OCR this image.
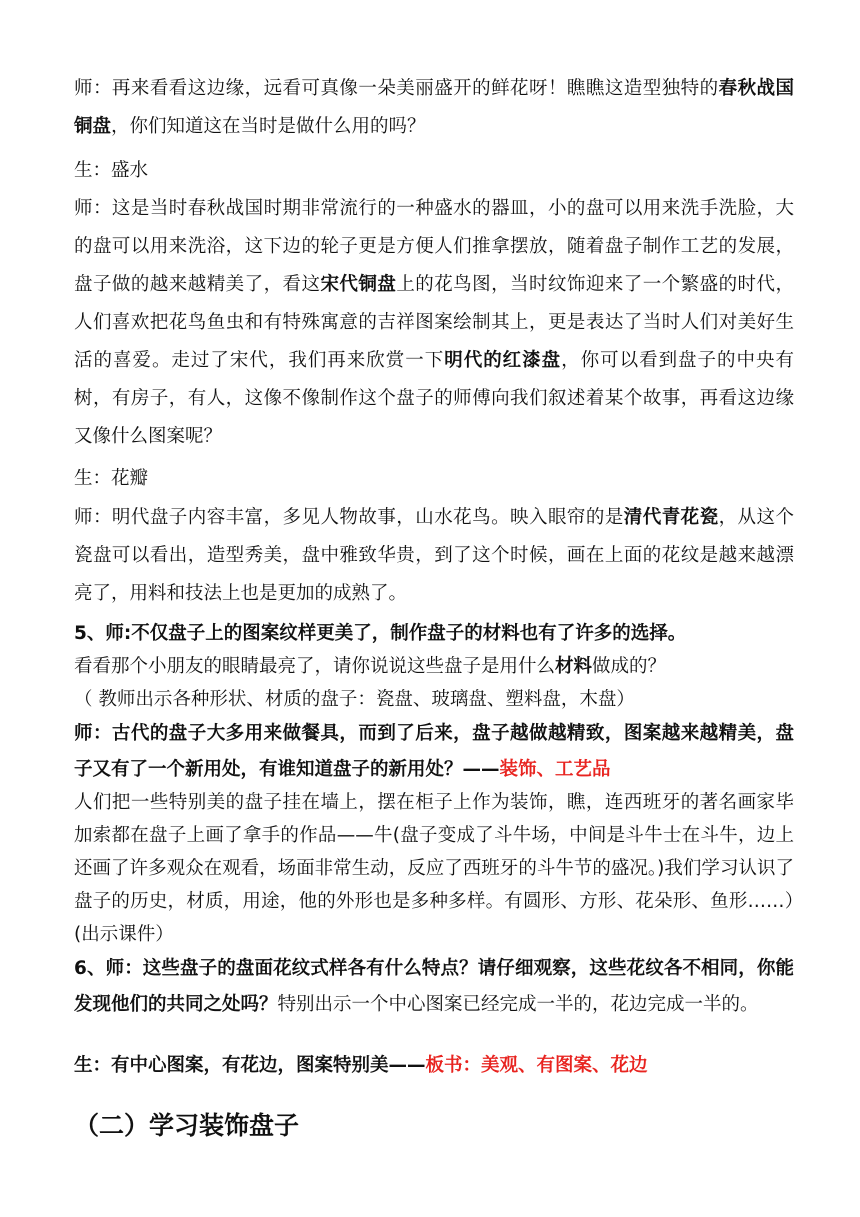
师：再来看看这边缘，远看可真像一朵美丽盛开的鲜花呀！瞧瞧这造型独特的春秋战国铜盘，你们知道这在当时是做什么用的吗？

生：盛水

师：这是当时春秋战国时期非常流行的一种盛水的器皿，小的盘可以用来洗手洗脸，大的盘可以用来洗浴，这下边的轮子更是方便人们推拿摆放，随着盘子制作工艺的发展，盘子做的越来越精美了，看这宋代铜盘上的花鸟图，当时纹饰迎来了一个繁盛的时代，人们喜欢把花鸟鱼虫和有特殊寓意的吉祥图案绘制其上，更是表达了当时人们对美好生活的喜爱。走过了宋代，我们再来欣赏一下明代的红漆盘，你可以看到盘子的中央有树，有房子，有人，这像不像制作这个盘子的师傅向我们叙述着某个故事，再看这边缘又像什么图案呢？

生：花瓣

师：明代盘子内容丰富，多见人物故事，山水花鸟。映入眼帘的是清代青花瓷，从这个瓷盘可以看出，造型秀美，盘中雅致华贵，到了这个时候，画在上面的花纹是越来越漂亮了，用料和技法上也是更加的成熟了。

5、师:不仅盘子上的图案纹样更美了，制作盘子的材料也有了许多的选择。

看看那个小朋友的眼睛最亮了，请你说说这些盘子是用什么材料做成的？

（ 教师出示各种形状、材质的盘子：瓷盘、玻璃盘、塑料盘，木盘）

师：古代的盘子大多用来做餐具，而到了后来，盘子越做越精致，图案越来越精美，盘子又有了一个新用处，有谁知道盘子的新用处？——装饰、工艺品

人们把一些特别美的盘子挂在墙上，摆在柜子上作为装饰，瞧，连西班牙的著名画家毕加索都在盘子上画了拿手的作品——牛(盘子变成了斗牛场，中间是斗牛士在斗牛，边上还画了许多观众在观看，场面非常生动，反应了西班牙的斗牛节的盛况。)我们学习认识了盘子的历史，材质，用途，他的外形也是多种多样。有圆形、方形、花朵形、鱼形……）(出示课件）

6、师：这些盘子的盘面花纹式样各有什么特点？请仔细观察，这些花纹各不相同，你能发现他们的共同之处吗？特别出示一个中心图案已经完成一半的，花边完成一半的。

生：有中心图案，有花边，图案特别美——板书：美观、有图案、花边

（二）学习装饰盘子
